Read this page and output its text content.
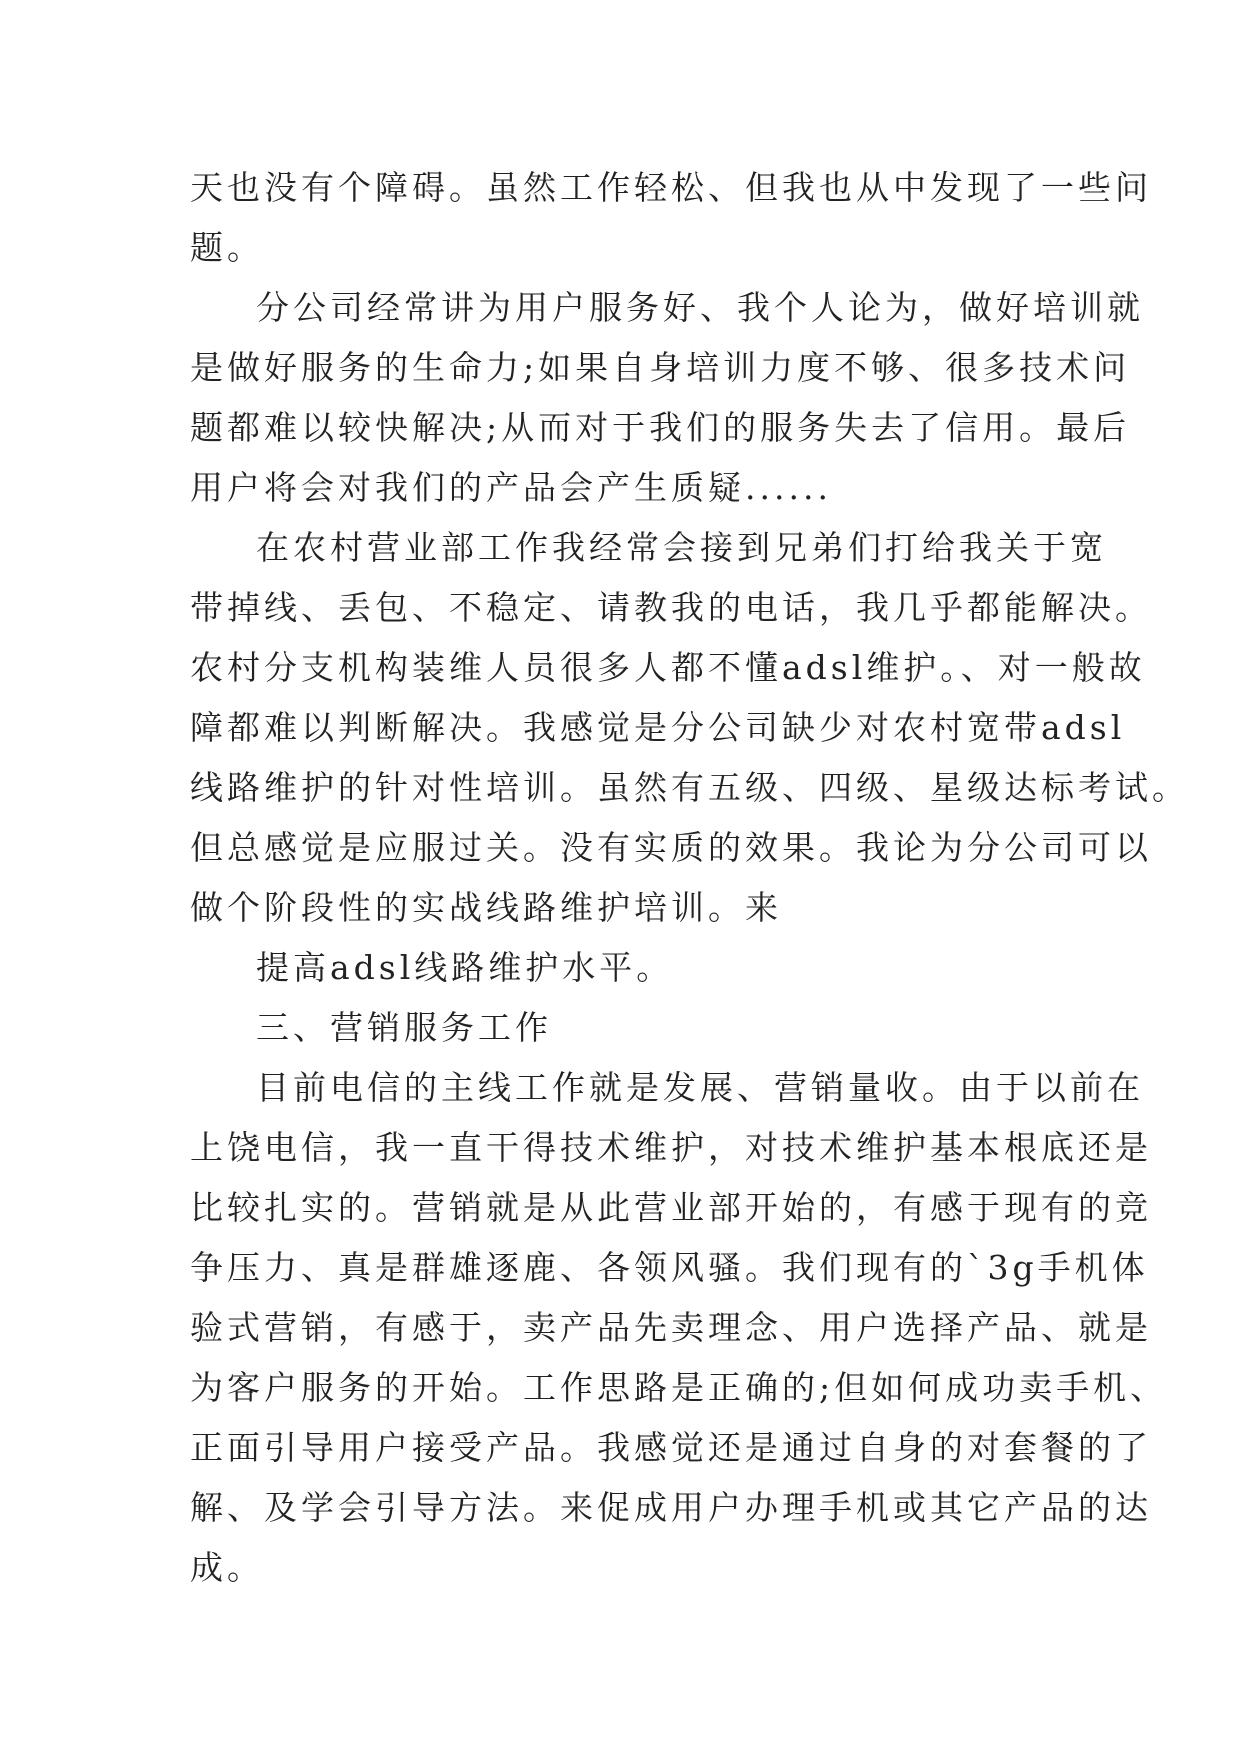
天也没有个障碍。虽然工作轻松、但我也从中发现了一些问
题。
分公司经常讲为用户服务好、我个人论为，做好培训就
是做好服务的生命力;如果自身培训力度不够、很多技术问
题都难以较快解决;从而对于我们的服务失去了信用。最后
用户将会对我们的产品会产生质疑......
在农村营业部工作我经常会接到兄弟们打给我关于宽
带掉线、丢包、不稳定、请教我的电话，我几乎都能解决。
农村分支机构装维人员很多人都不懂adsl维护。、对一般故
障都难以判断解决。我感觉是分公司缺少对农村宽带adsl
线路维护的针对性培训。虽然有五级、四级、星级达标考试。
但总感觉是应服过关。没有实质的效果。我论为分公司可以
做个阶段性的实战线路维护培训。来
提高adsl线路维护水平。
三、营销服务工作
目前电信的主线工作就是发展、营销量收。由于以前在
上饶电信，我一直干得技术维护，对技术维护基本根底还是
比较扎实的。营销就是从此营业部开始的，有感于现有的竞
争压力、真是群雄逐鹿、各领风骚。我们现有的`3g手机体
验式营销，有感于，卖产品先卖理念、用户选择产品、就是
为客户服务的开始。工作思路是正确的;但如何成功卖手机、
正面引导用户接受产品。我感觉还是通过自身的对套餐的了
解、及学会引导方法。来促成用户办理手机或其它产品的达
成。
